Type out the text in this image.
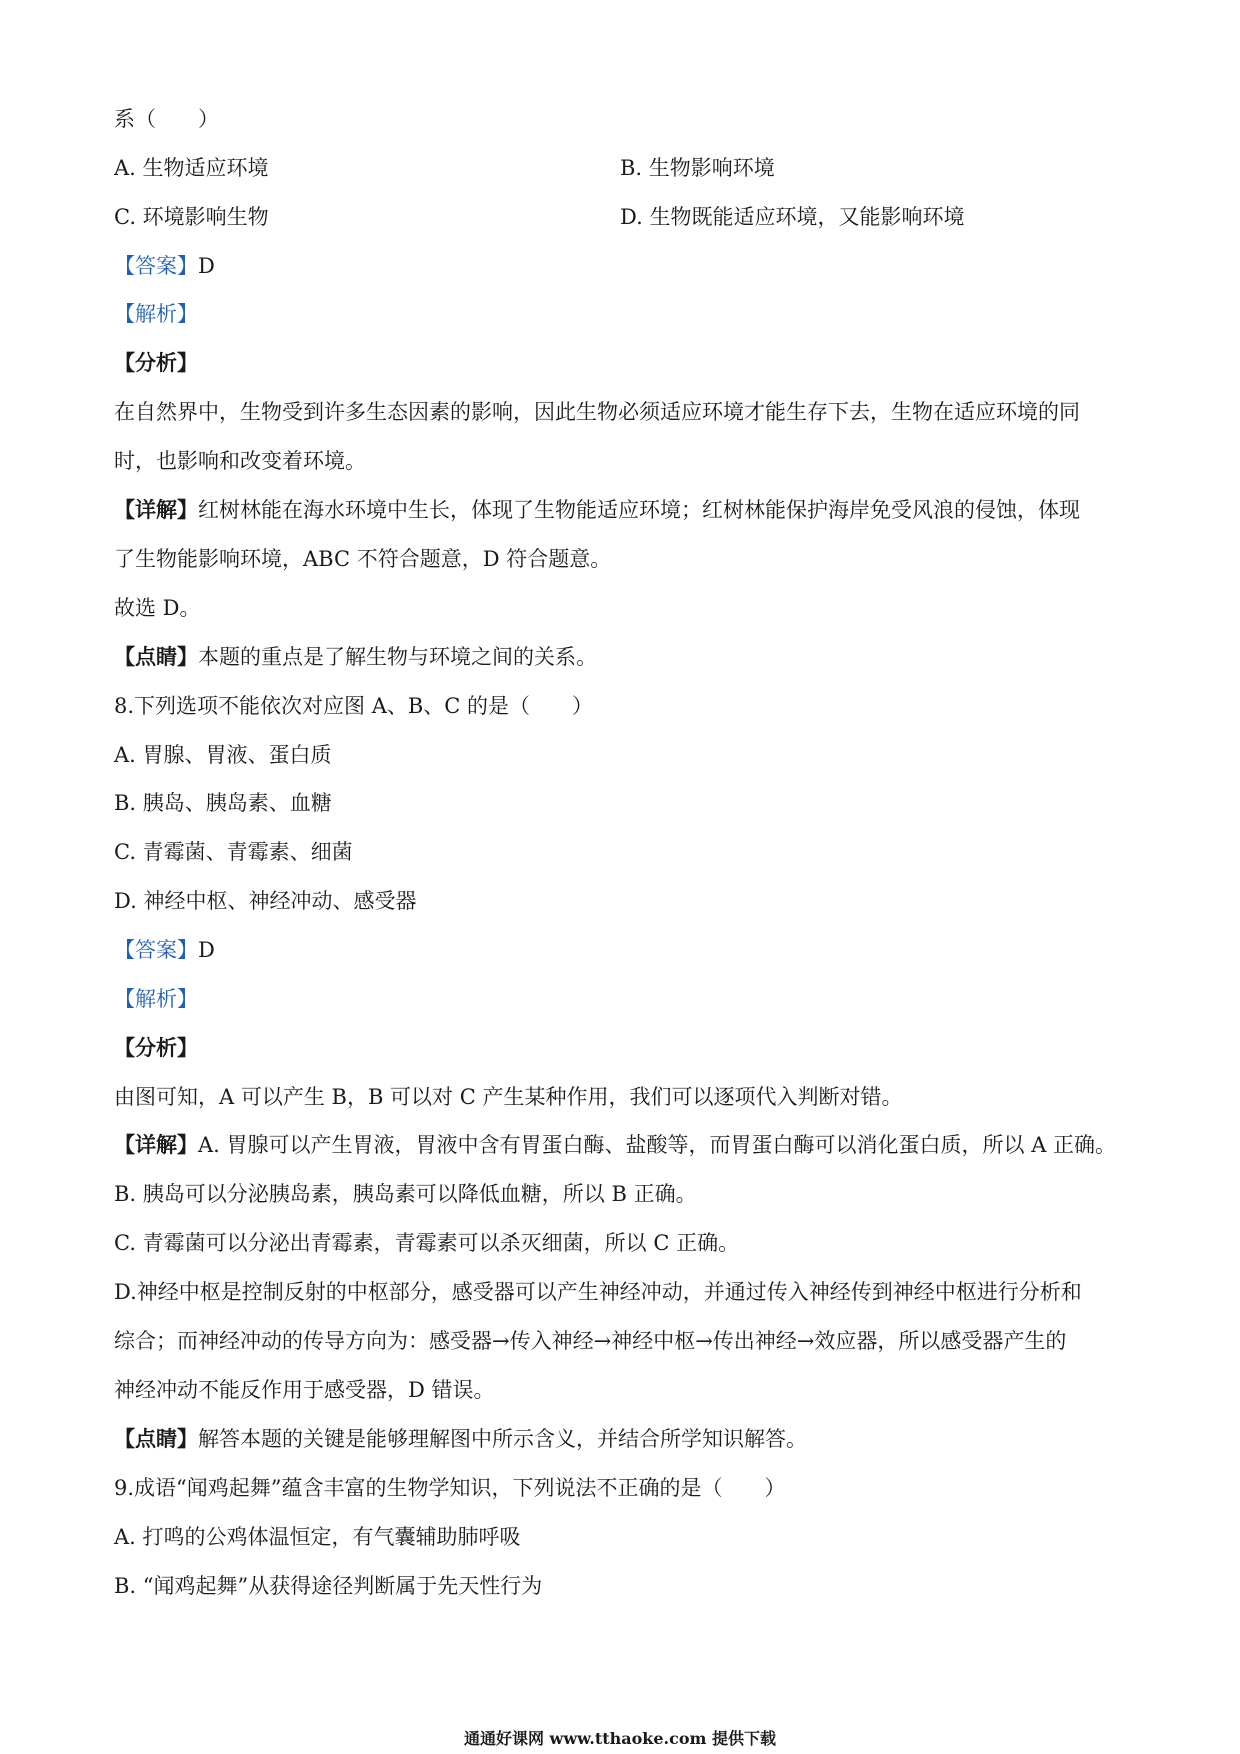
系（　　）
A. 生物适应环境	B. 生物影响环境
C. 环境影响生物	D. 生物既能适应环境，又能影响环境
【答案】D
【解析】
【分析】
在自然界中，生物受到许多生态因素的影响，因此生物必须适应环境才能生存下去，生物在适应环境的同
时，也影响和改变着环境。
【详解】红树林能在海水环境中生长，体现了生物能适应环境；红树林能保护海岸免受风浪的侵蚀，体现
了生物能影响环境，ABC 不符合题意，D 符合题意。
故选 D。
【点睛】本题的重点是了解生物与环境之间的关系。
8.下列选项不能依次对应图 A、B、C 的是（　　）
A. 胃腺、胃液、蛋白质
B. 胰岛、胰岛素、血糖
C. 青霉菌、青霉素、细菌
D. 神经中枢、神经冲动、感受器
【答案】D
【解析】
【分析】
由图可知，A 可以产生 B，B 可以对 C 产生某种作用，我们可以逐项代入判断对错。
【详解】A. 胃腺可以产生胃液，胃液中含有胃蛋白酶、盐酸等，而胃蛋白酶可以消化蛋白质，所以 A 正确。
B. 胰岛可以分泌胰岛素，胰岛素可以降低血糖，所以 B 正确。
C. 青霉菌可以分泌出青霉素，青霉素可以杀灭细菌，所以 C 正确。
D.神经中枢是控制反射的中枢部分，感受器可以产生神经冲动，并通过传入神经传到神经中枢进行分析和
综合；而神经冲动的传导方向为：感受器→传入神经→神经中枢→传出神经→效应器，所以感受器产生的
神经冲动不能反作用于感受器，D 错误。
【点睛】解答本题的关键是能够理解图中所示含义，并结合所学知识解答。
9.成语“闻鸡起舞”蕴含丰富的生物学知识，下列说法不正确的是（　　）
A. 打鸣的公鸡体温恒定，有气囊辅助肺呼吸
B. “闻鸡起舞”从获得途径判断属于先天性行为
通通好课网 www.tthaoke.com 提供下载
